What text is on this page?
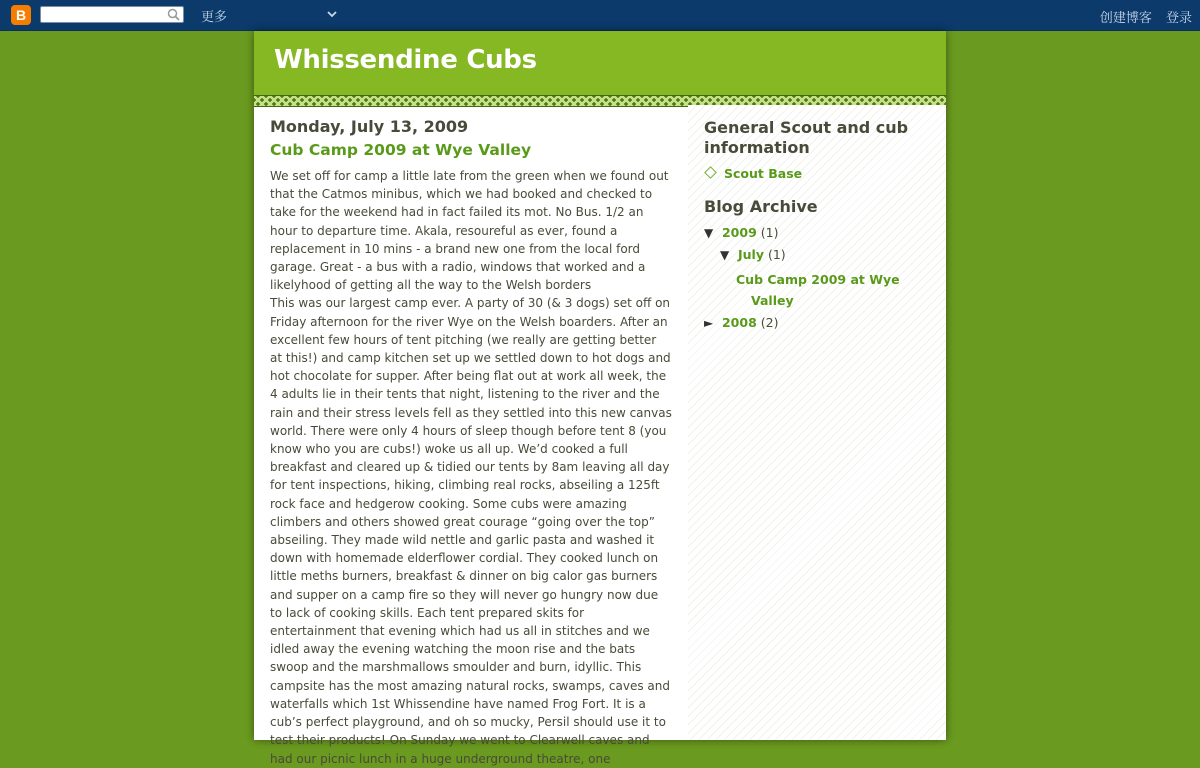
B	更多	创建博客 登录
Whissendine Cubs
Monday, July 13, 2009
Cub Camp 2009 at Wye Valley

We set off for camp a little late from the green when we found out that the Catmos minibus, which we had booked and checked to take for the weekend had in fact failed its mot. No Bus. 1/2 an hour to departure time. Akala, resoureful as ever, found a replacement in 10 mins - a brand new one from the local ford garage. Great - a bus with a radio, windows that worked and a likelyhood of getting all the way to the Welsh borders

This was our largest camp ever. A party of 30 (& 3 dogs) set off on Friday afternoon for the river Wye on the Welsh boarders. After an excellent few hours of tent pitching (we really are getting better at this!) and camp kitchen set up we settled down to hot dogs and hot chocolate for supper. After being flat out at work all week, the 4 adults lie in their tents that night, listening to the river and the rain and their stress levels fell as they settled into this new canvas world. There were only 4 hours of sleep though before tent 8 (you know who you are cubs!) woke us all up. We’d cooked a full breakfast and cleared up & tidied our tents by 8am leaving all day for tent inspections, hiking, climbing real rocks, abseiling a 125ft rock face and hedgerow cooking. Some cubs were amazing climbers and others showed great courage “going over the top” abseiling. They made wild nettle and garlic pasta and washed it down with homemade elderflower cordial. They cooked lunch on little meths burners, breakfast & dinner on big calor gas burners and supper on a camp fire so they will never go hungry now due to lack of cooking skills. Each tent prepared skits for entertainment that evening which had us all in stitches and we idled away the evening watching the moon rise and the bats swoop and the marshmallows smoulder and burn, idyllic. This campsite has the most amazing natural rocks, swamps, caves and waterfalls which 1st Whissendine have named Frog Fort. It is a cub’s perfect playground, and oh so mucky, Persil should use it to test their products! On Sunday we went to Clearwell caves and had our picnic lunch in a huge underground theatre, one

General Scout and cub information
Scout Base
Blog Archive
▼ 2009 (1)
▼ July (1)
Cub Camp 2009 at Wye Valley
► 2008 (2)
